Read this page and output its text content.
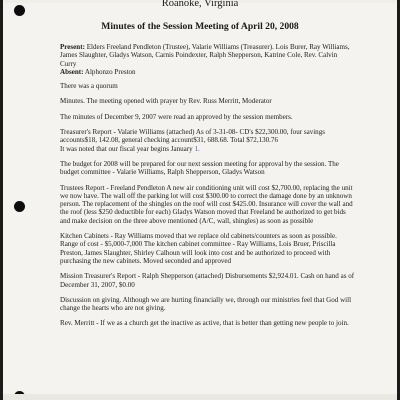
Roanoke, Virginia
Minutes of the Session Meeting of April 20, 2008

Present: Elders Freeland Pendleton (Trustee), Valarie Williams (Treasurer). Lois Burer, Ray Williams, James Slaughter, Gladys Watson, Carnis Poindexter, Ralph Shepperson, Katrine Cole, Rev. Calvin Curry
Absent: Alphonzo Preston

There was a quorum

Minutes. The meeting opened with prayer by Rev. Russ Merritt, Moderator

The minutes of December 9, 2007 were read an approved by the session members.

Treasurer's Report - Valarie Williams (attached) As of 3-31-08- CD's $22,300.00, four savings accounts$18, 142.08, general checking account$31, 688.68. Total $72,130.76
It was noted that our fiscal year begins January 1.

The budget for 2008 will be prepared for our next session meeting for approval by the session. The budget committee - Valarie Williams, Ralph Shepperson, Gladys Watson

Trustees Report - Freeland Pendleton A new air conditioning unit will cost $2,700.00, replacing the unit we now have. The wall off the parking lot will cost $300.00 to correct the damage done by an unknown person. The replacement of the shingles on the roof will cost $425.00. Insurance will cover the wall and the roof (less $250 deductible for each) Gladys Watson moved that Freeland be authorized to get bids and make decision on the three above mentioned (A/C, wall, shingles) as soon as possible

Kitchen Cabinets - Ray Williams moved that we replace old cabinets/counters as soon as possible. Range of cost - $5,000-7,000 The kitchen cabinet committee - Ray Williams, Lois Bruer, Priscilla Preston, James Slaughter, Shirley Calhoun will look into cost and be authorized to proceed with purchasing the new cabinets. Moved seconded and approved

Mission Treasurer's Report - Ralph Shepperson (attached) Disbursements $2,924.01. Cash on hand as of December 31, 2007, $0.00

Discussion on giving. Although we are hurting financially we, through our ministries feel that God will change the hearts who are not giving.

Rev. Merritt - If we as a church get the inactive as active, that is better than getting new people to join.
